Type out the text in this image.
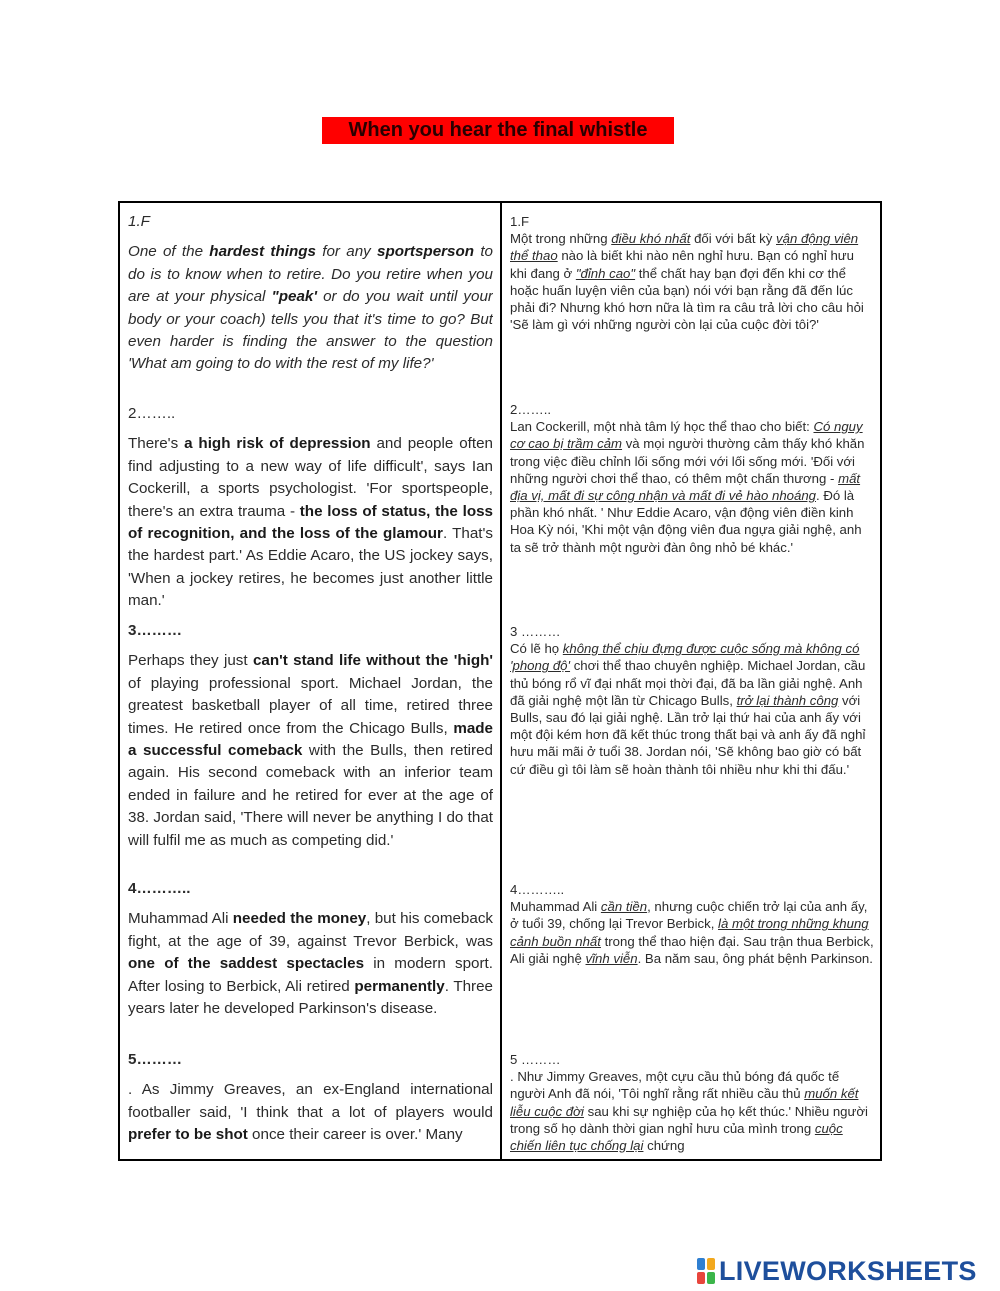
When you hear the final whistle

1.F

One of the hardest things for any sportsperson to do is to know when to retire. Do you retire when you are at your physical "peak' or do you wait until your body or your coach) tells you that it's time to go? But even harder is finding the answer to the question 'What am going to do with the rest of my life?'

1.F

Một trong những điều khó nhất đối với bất kỳ vận động viên thể thao nào là biết khi nào nên nghỉ hưu. Bạn có nghỉ hưu khi đang ở "đỉnh cao" thể chất hay bạn đợi đến khi cơ thể hoặc huấn luyện viên của bạn) nói với bạn rằng đã đến lúc phải đi? Nhưng khó hơn nữa là tìm ra câu trả lời cho câu hỏi 'Sẽ làm gì với những người còn lại của cuộc đời tôi?'

2……..

There's a high risk of depression and people often find adjusting to a new way of life difficult', says Ian Cockerill, a sports psychologist. 'For sportspeople, there's an extra trauma - the loss of status, the loss of recognition, and the loss of the glamour. That's the hardest part.' As Eddie Acaro, the US jockey says, 'When a jockey retires, he becomes just another little man.'

2……..

Lan Cockerill, một nhà tâm lý học thể thao cho biết: Có nguy cơ cao bị trầm cảm và mọi người thường cảm thấy khó khăn trong việc điều chỉnh lối sống mới với lối sống mới. 'Đối với những người chơi thể thao, có thêm một chấn thương - mất địa vị, mất đi sự công nhận và mất đi vẻ hào nhoáng. Đó là phần khó nhất. ' Như Eddie Acaro, vận động viên điền kinh Hoa Kỳ nói, 'Khi một vận động viên đua ngựa giải nghệ, anh ta sẽ trở thành một người đàn ông nhỏ bé khác.'

3………

Perhaps they just can't stand life without the 'high' of playing professional sport. Michael Jordan, the greatest basketball player of all time, retired three times. He retired once from the Chicago Bulls, made a successful comeback with the Bulls, then retired again. His second comeback with an inferior team ended in failure and he retired for ever at the age of 38. Jordan said, 'There will never be anything I do that will fulfil me as much as competing did.'

3 ………

Có lẽ họ không thể chịu đựng được cuộc sống mà không có 'phong độ' chơi thể thao chuyên nghiệp. Michael Jordan, cầu thủ bóng rổ vĩ đại nhất mọi thời đại, đã ba lần giải nghệ. Anh đã giải nghệ một lần từ Chicago Bulls, trở lại thành công với Bulls, sau đó lại giải nghệ. Lần trở lại thứ hai của anh ấy với một đội kém hơn đã kết thúc trong thất bại và anh ấy đã nghỉ hưu mãi mãi ở tuổi 38. Jordan nói, 'Sẽ không bao giờ có bất cứ điều gì tôi làm sẽ hoàn thành tôi nhiều như khi thi đấu.'

4………..

Muhammad Ali needed the money, but his comeback fight, at the age of 39, against Trevor Berbick, was one of the saddest spectacles in modern sport. After losing to Berbick, Ali retired permanently. Three years later he developed Parkinson's disease.

4………..

Muhammad Ali cần tiền, nhưng cuộc chiến trở lại của anh ấy, ở tuổi 39, chống lại Trevor Berbick, là một trong những khung cảnh buồn nhất trong thể thao hiện đại. Sau trận thua Berbick, Ali giải nghệ vĩnh viễn. Ba năm sau, ông phát bệnh Parkinson.

5………

. As Jimmy Greaves, an ex-England international footballer said, 'I think that a lot of players would prefer to be shot once their career is over.' Many

5 ………

. Như Jimmy Greaves, một cựu cầu thủ bóng đá quốc tế người Anh đã nói, 'Tôi nghĩ rằng rất nhiều cầu thủ muốn kết liễu cuộc đời sau khi sự nghiệp của họ kết thúc.' Nhiều người trong số họ dành thời gian nghỉ hưu của mình trong cuộc chiến liên tục chống lại chứng

LIVEWORKSHEETS
